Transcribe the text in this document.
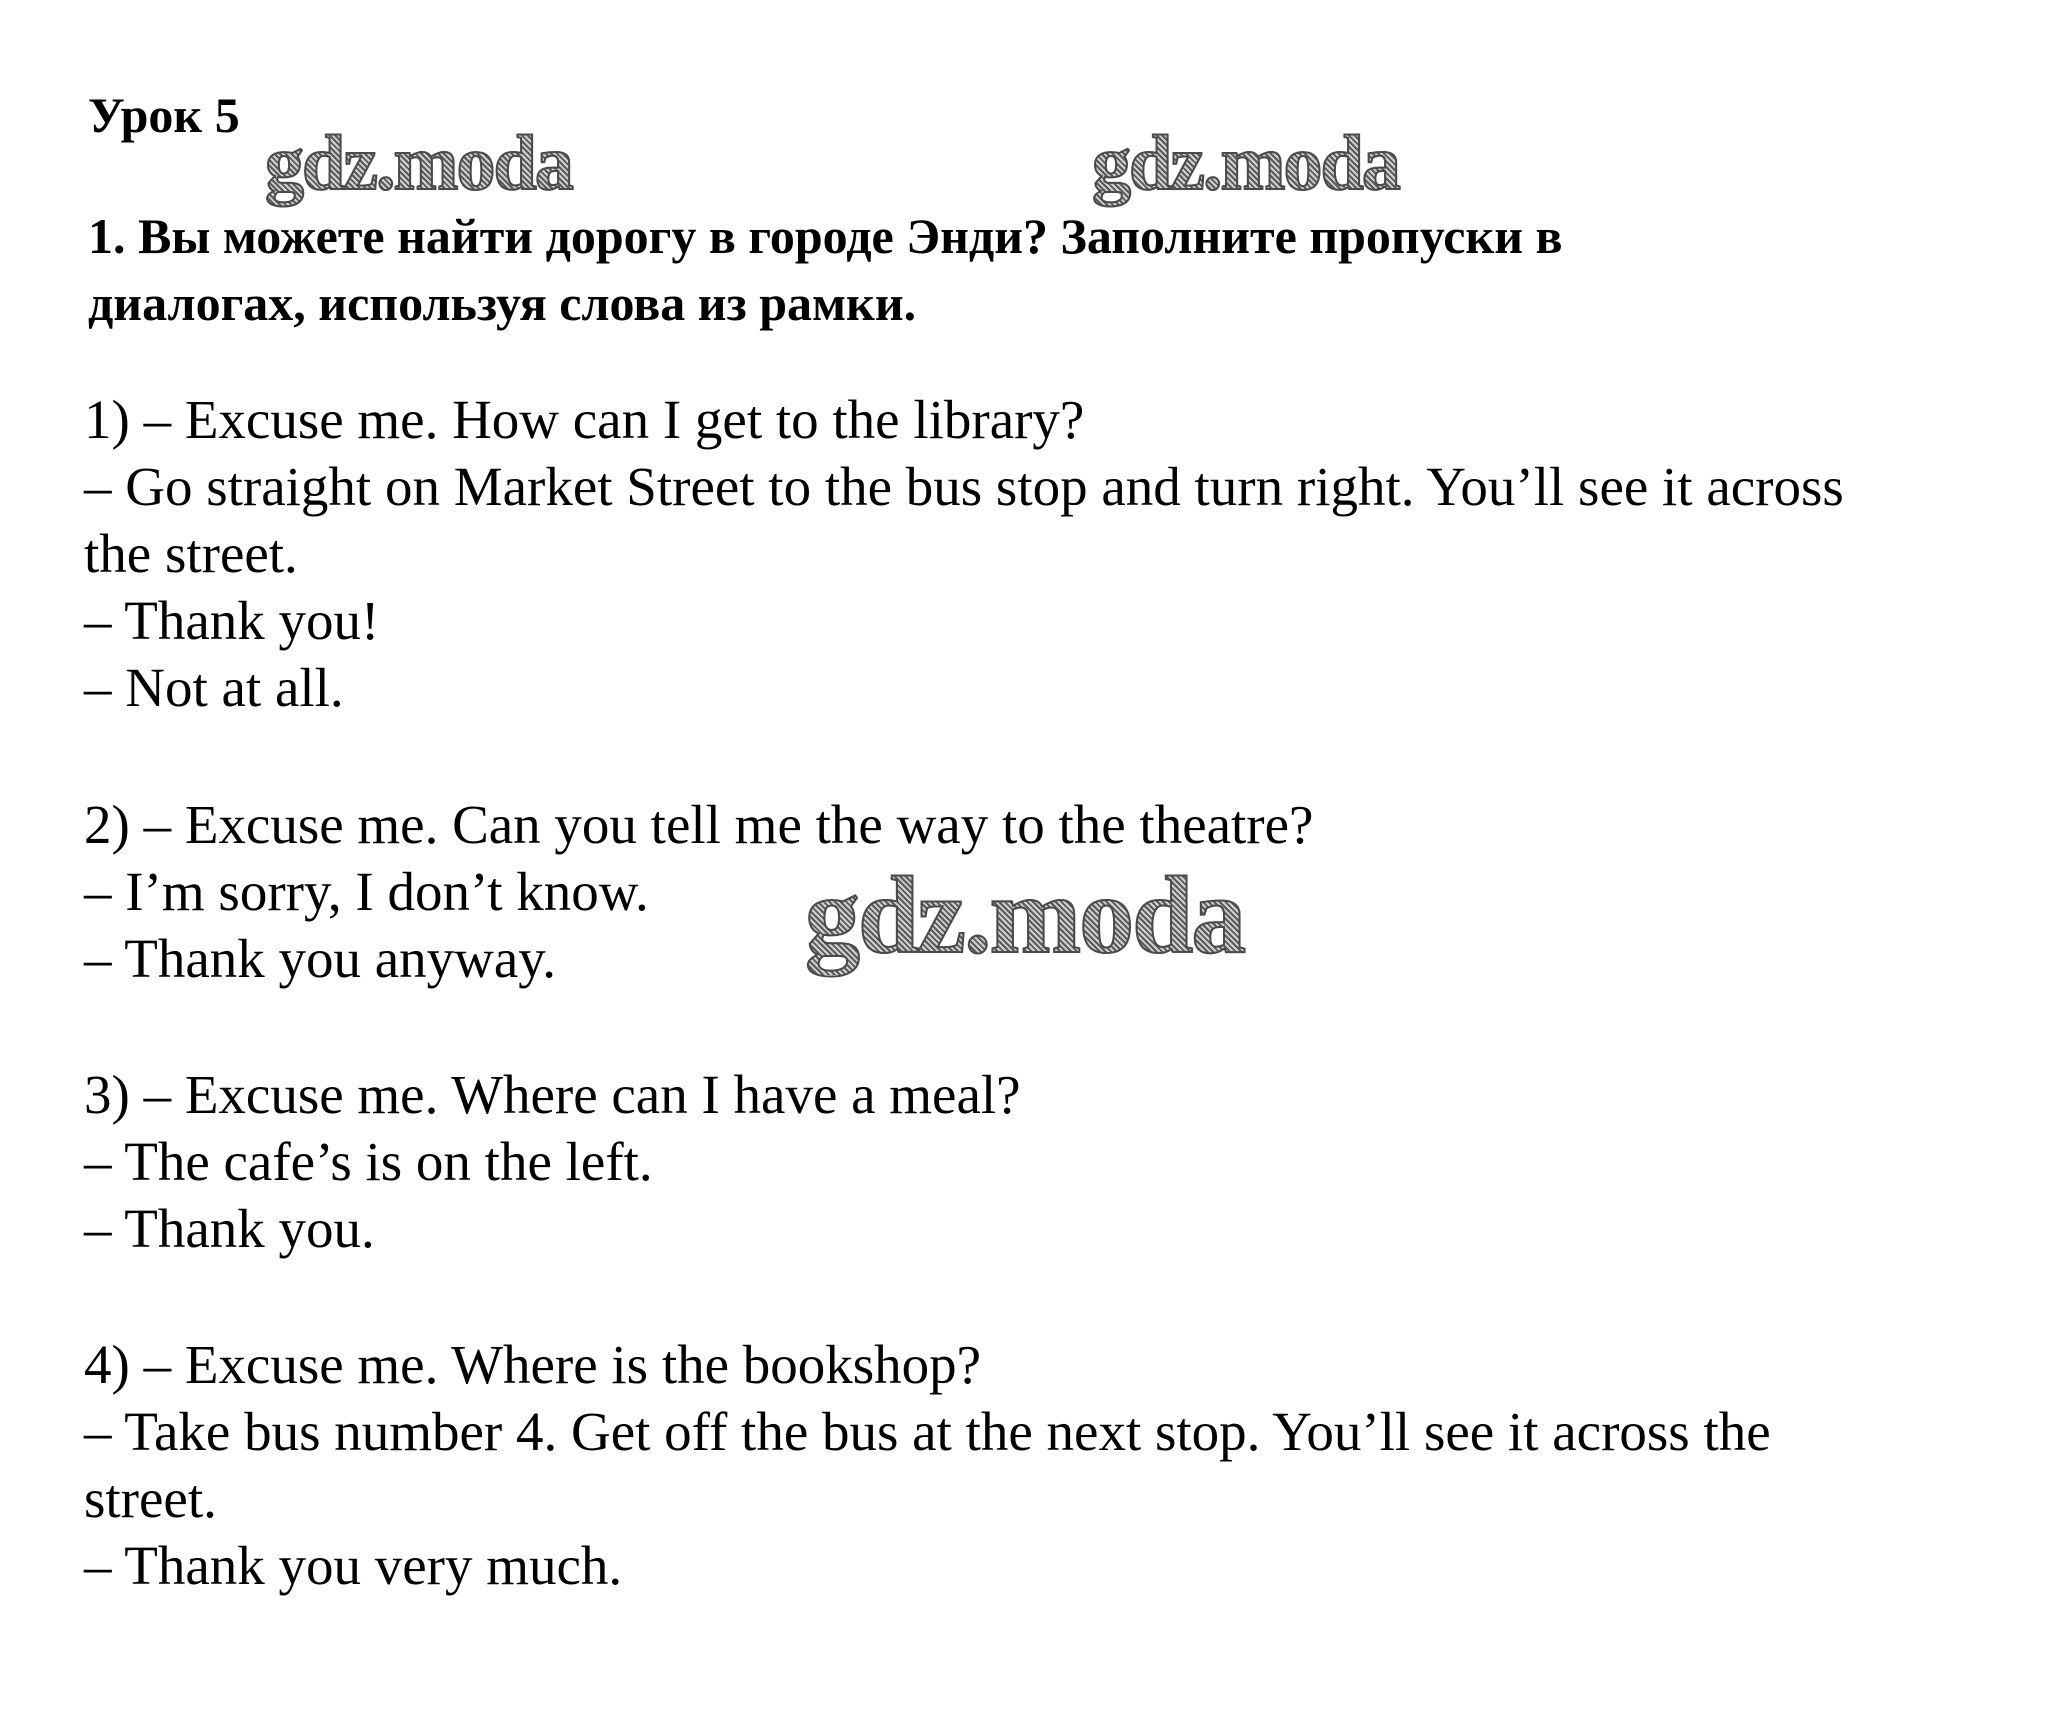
Урок 5
gdz.moda	gdz.moda

1. Вы можете найти дорогу в городе Энди? Заполните пропуски в

диалогах, используя слова из рамки.

1) – Excuse me. How can I get to the library?

– Go straight on Market Street to the bus stop and turn right. You’ll see it across

the street.

– Thank you!

– Not at all.

2) – Excuse me. Can you tell me the way to the theatre?

– I’m sorry, I don’t know.

– Thank you anyway. gdz.moda

3) – Excuse me. Where can I have a meal?

– The cafe’s is on the left.

– Thank you.

4) – Excuse me. Where is the bookshop?

– Take bus number 4. Get off the bus at the next stop. You’ll see it across the

street.

– Thank you very much.
